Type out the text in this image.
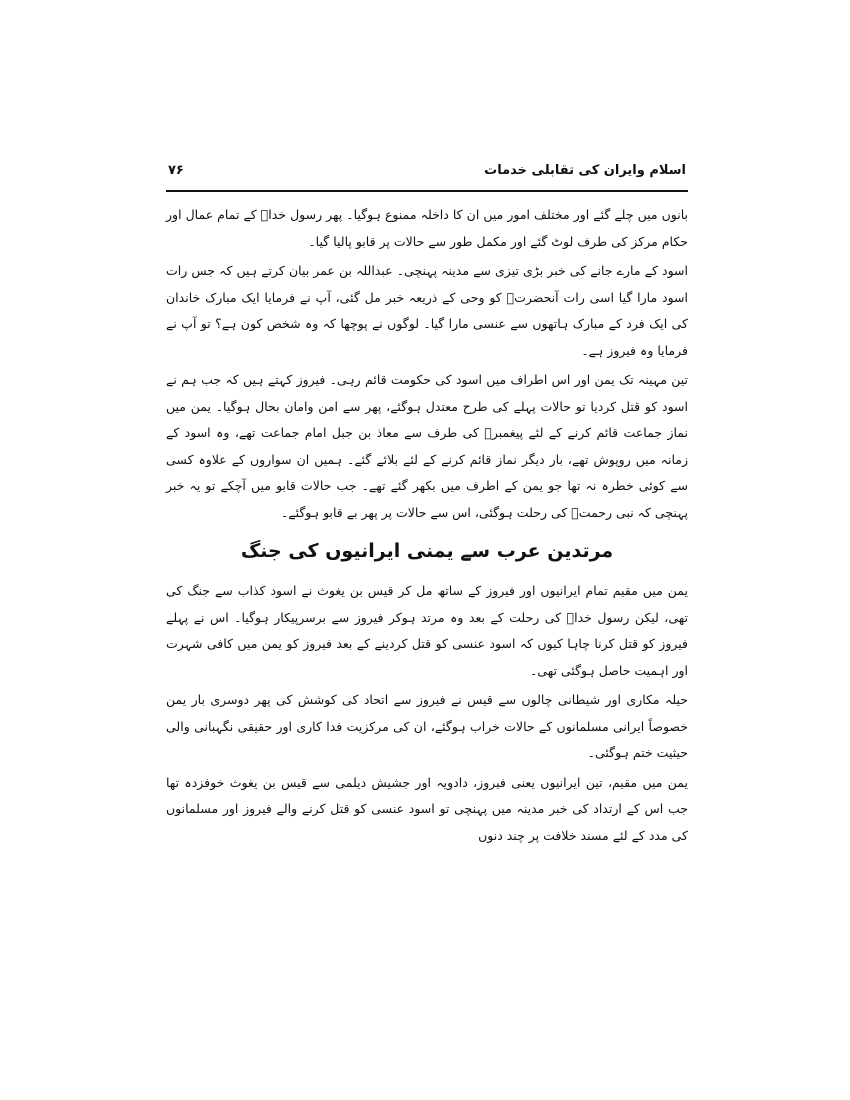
اسلام وایران کی تقابلی خدمات
۷۶

بانوں میں چلے گئے اور مختلف امور میں ان کا داخلہ ممنوع ہوگیا۔ پھر رسول خداؐ کے تمام عمال اور حکام مرکز کی طرف لوٹ گئے اور مکمل طور سے حالات پر قابو پالیا گیا۔

اسود کے مارے جانے کی خبر بڑی تیزی سے مدینہ پہنچی۔ عبداللہ بن عمر بیان کرتے ہیں کہ جس رات اسود مارا گیا اسی رات آنحضرتؐ کو وحی کے ذریعہ خبر مل گئی، آپ نے فرمایا ایک مبارک خاندان کی ایک فرد کے مبارک ہاتھوں سے عنسی مارا گیا۔ لوگوں نے پوچھا کہ وہ شخص کون ہے؟ تو آپ نے فرمایا وہ فیروز ہے۔

تین مہینہ تک یمن اور اس اطراف میں اسود کی حکومت قائم رہی۔ فیروز کہتے ہیں کہ جب ہم نے اسود کو قتل کردیا تو حالات پہلے کی طرح معتدل ہوگئے، پھر سے امن وامان بحال ہوگیا۔ یمن میں نماز جماعت قائم کرنے کے لئے پیغمبرؐ کی طرف سے معاذ بن جبل امام جماعت تھے، وہ اسود کے زمانہ میں روپوش تھے، بار دیگر نماز قائم کرنے کے لئے بلائے گئے۔ ہمیں ان سواروں کے علاوہ کسی سے کوئی خطرہ نہ تھا جو یمن کے اطرف میں بکھر گئے تھے۔ جب حالات قابو میں آچکے تو یہ خبر پہنچی کہ نبی رحمتؐ کی رحلت ہوگئی، اس سے حالات پر پھر بے قابو ہوگئے۔

مرتدین عرب سے یمنی ایرانیوں کی جنگ

یمن میں مقیم تمام ایرانیوں اور فیروز کے ساتھ مل کر قیس بن یغوث نے اسود کذاب سے جنگ کی تھی، لیکن رسول خداؐ کی رحلت کے بعد وہ مرتد ہوکر فیروز سے برسرپیکار ہوگیا۔ اس نے پہلے فیروز کو قتل کرنا چاہا کیوں کہ اسود عنسی کو قتل کردینے کے بعد فیروز کو یمن میں کافی شہرت اور اہمیت حاصل ہوگئی تھی۔

حیلہ مکاری اور شیطانی چالوں سے قیس نے فیروز سے اتحاد کی کوشش کی پھر دوسری بار یمن خصوصاً ایرانی مسلمانوں کے حالات خراب ہوگئے، ان کی مرکزیت فدا کاری اور حقیقی نگہبانی والی حیثیت ختم ہوگئی۔

یمن میں مقیم، تین ایرانیوں یعنی فیروز، دادویہ اور جشیش دیلمی سے قیس بن یغوث خوفزدہ تھا جب اس کے ارتداد کی خبر مدینہ میں پہنچی تو اسود عنسی کو قتل کرنے والے فیروز اور مسلمانوں کی مدد کے لئے مسند خلافت پر چند دنوں
